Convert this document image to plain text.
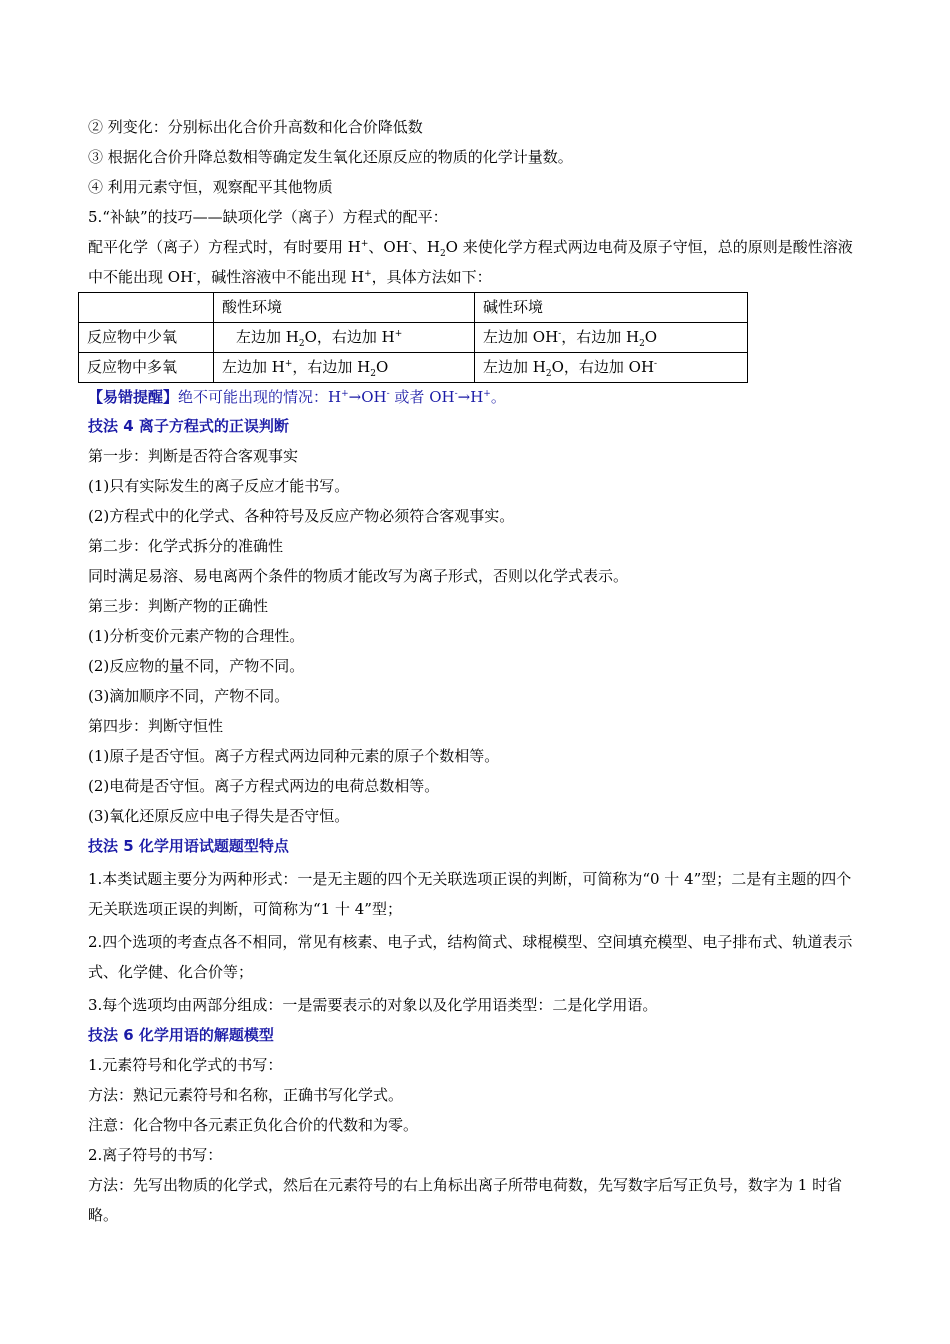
② 列变化：分别标出化合价升高数和化合价降低数

③ 根据化合价升降总数相等确定发生氧化还原反应的物质的化学计量数。

④ 利用元素守恒，观察配平其他物质

5.“补缺”的技巧——缺项化学（离子）方程式的配平：

配平化学（离子）方程式时，有时要用 H+、OH-、$H_2O$ 来使化学方程式两边电荷及原子守恒，总的原则是酸性溶液中不能出现 OH-，碱性溶液中不能出现 H+，具体方法如下：

	酸性环境	碱性环境
反应物中少氧	左边加 $H_2O$，右边加 H+	左边加 OH-，右边加 $H_2O$
反应物中多氧	左边加 H+，右边加 $H_2O$	左边加 $H_2O$，右边加 OH-

【易错提醒】绝不可能出现的情况：H+→OH- 或者 OH-→H+。

技法 4 离子方程式的正误判断

第一步：判断是否符合客观事实

(1)只有实际发生的离子反应才能书写。

(2)方程式中的化学式、各种符号及反应产物必须符合客观事实。

第二步：化学式拆分的准确性

同时满足易溶、易电离两个条件的物质才能改写为离子形式，否则以化学式表示。

第三步：判断产物的正确性

(1)分析变价元素产物的合理性。

(2)反应物的量不同，产物不同。

(3)滴加顺序不同，产物不同。

第四步：判断守恒性

(1)原子是否守恒。离子方程式两边同种元素的原子个数相等。

(2)电荷是否守恒。离子方程式两边的电荷总数相等。

(3)氧化还原反应中电子得失是否守恒。

技法 5 化学用语试题题型特点

1.本类试题主要分为两种形式：一是无主题的四个无关联选项正误的判断，可简称为“0 十 4”型；二是有主题的四个无关联选项正误的判断，可简称为“1 十 4”型；

2.四个选项的考查点各不相同，常见有核素、电子式，结构简式、球棍模型、空间填充模型、电子排布式、轨道表示式、化学健、化合价等；

3.每个选项均由两部分组成：一是需要表示的对象以及化学用语类型：二是化学用语。

技法 6 化学用语的解题模型

1.元素符号和化学式的书写：

方法：熟记元素符号和名称，正确书写化学式。

注意：化合物中各元素正负化合价的代数和为零。

2.离子符号的书写：

方法：先写出物质的化学式，然后在元素符号的右上角标出离子所带电荷数，先写数字后写正负号，数字为 1 时省略。
